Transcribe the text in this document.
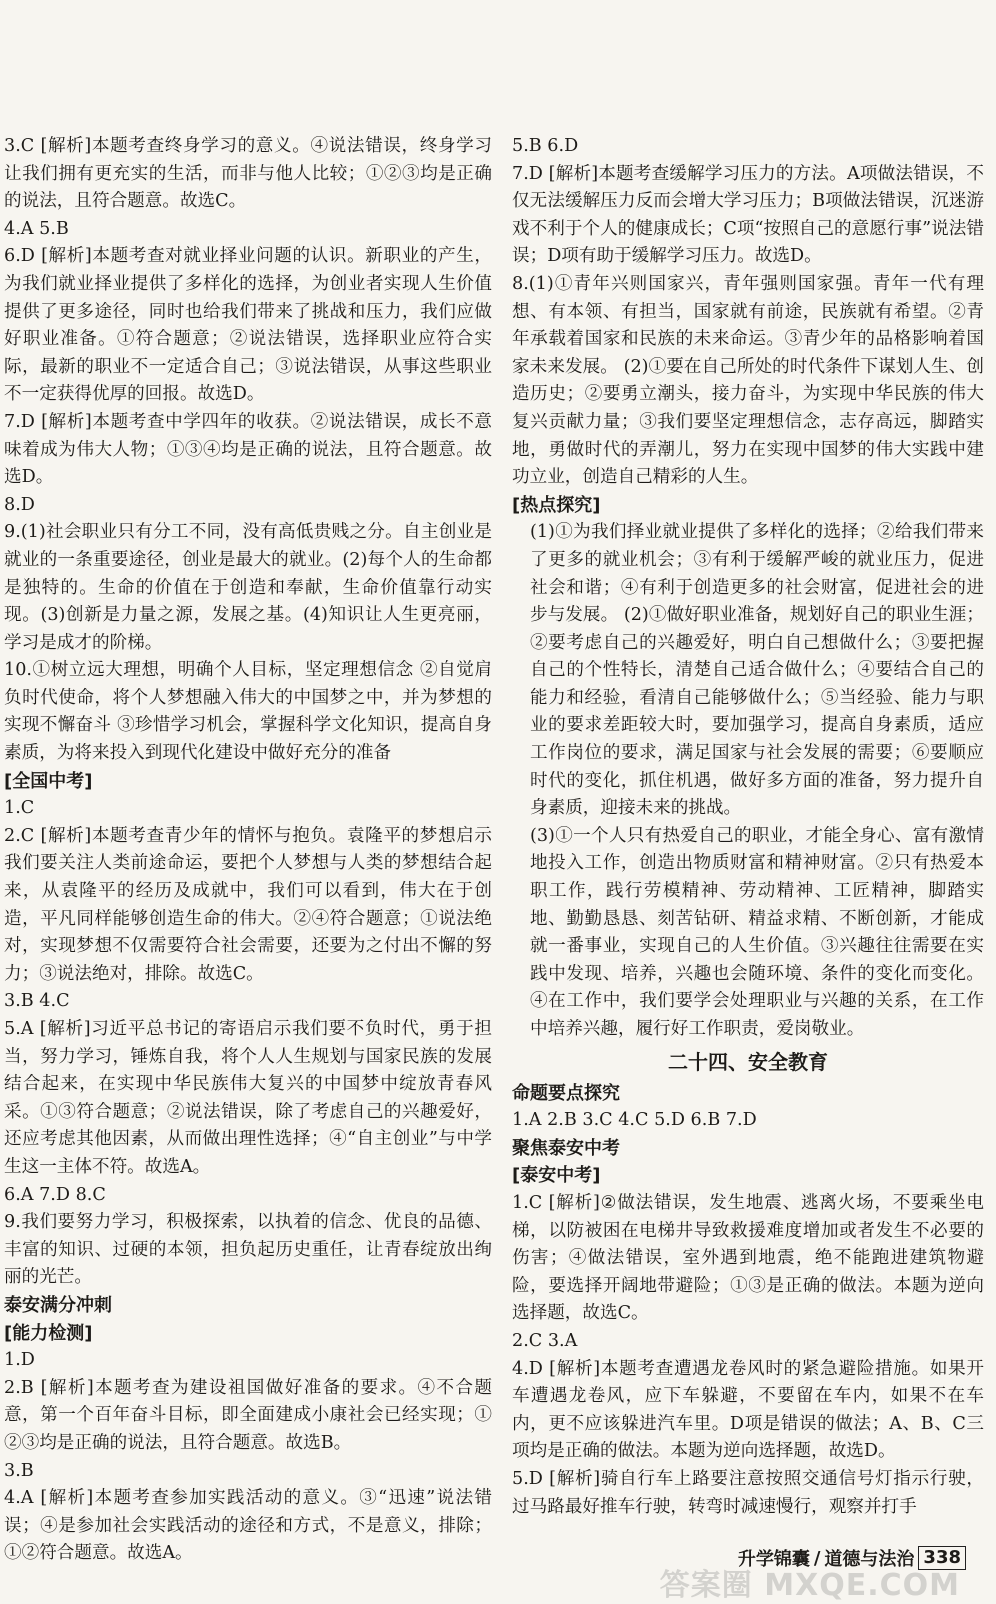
3.C [解析]本题考查终身学习的意义。④说法错误，终身学习让我们拥有更充实的生活，而非与他人比较；①②③均是正确的说法，且符合题意。故选C。

4.A 5.B

6.D [解析]本题考查对就业择业问题的认识。新职业的产生，为我们就业择业提供了多样化的选择，为创业者实现人生价值提供了更多途径，同时也给我们带来了挑战和压力，我们应做好职业准备。①符合题意；②说法错误，选择职业应符合实际，最新的职业不一定适合自己；③说法错误，从事这些职业不一定获得优厚的回报。故选D。

7.D [解析]本题考查中学四年的收获。②说法错误，成长不意味着成为伟大人物；①③④均是正确的说法，且符合题意。故选D。

8.D

9.(1)社会职业只有分工不同，没有高低贵贱之分。自主创业是就业的一条重要途径，创业是最大的就业。(2)每个人的生命都是独特的。生命的价值在于创造和奉献，生命价值靠行动实现。(3)创新是力量之源，发展之基。(4)知识让人生更亮丽，学习是成才的阶梯。

10.①树立远大理想，明确个人目标，坚定理想信念 ②自觉肩负时代使命，将个人梦想融入伟大的中国梦之中，并为梦想的实现不懈奋斗 ③珍惜学习机会，掌握科学文化知识，提高自身素质，为将来投入到现代化建设中做好充分的准备

[全国中考]

1.C

2.C [解析]本题考查青少年的情怀与抱负。袁隆平的梦想启示我们要关注人类前途命运，要把个人梦想与人类的梦想结合起来，从袁隆平的经历及成就中，我们可以看到，伟大在于创造，平凡同样能够创造生命的伟大。②④符合题意；①说法绝对，实现梦想不仅需要符合社会需要，还要为之付出不懈的努力；③说法绝对，排除。故选C。

3.B 4.C

5.A [解析]习近平总书记的寄语启示我们要不负时代，勇于担当，努力学习，锤炼自我，将个人人生规划与国家民族的发展结合起来，在实现中华民族伟大复兴的中国梦中绽放青春风采。①③符合题意；②说法错误，除了考虑自己的兴趣爱好，还应考虑其他因素，从而做出理性选择；④“自主创业”与中学生这一主体不符。故选A。

6.A 7.D 8.C

9.我们要努力学习，积极探索，以执着的信念、优良的品德、丰富的知识、过硬的本领，担负起历史重任，让青春绽放出绚丽的光芒。

泰安满分冲刺

[能力检测]

1.D

2.B [解析]本题考查为建设祖国做好准备的要求。④不合题意，第一个百年奋斗目标，即全面建成小康社会已经实现；①②③均是正确的说法，且符合题意。故选B。

3.B

4.A [解析]本题考查参加实践活动的意义。③“迅速”说法错误；④是参加社会实践活动的途径和方式，不是意义，排除；①②符合题意。故选A。

5.B 6.D

7.D [解析]本题考查缓解学习压力的方法。A项做法错误，不仅无法缓解压力反而会增大学习压力；B项做法错误，沉迷游戏不利于个人的健康成长；C项“按照自己的意愿行事”说法错误；D项有助于缓解学习压力。故选D。

8.(1)①青年兴则国家兴，青年强则国家强。青年一代有理想、有本领、有担当，国家就有前途，民族就有希望。②青年承载着国家和民族的未来命运。③青少年的品格影响着国家未来发展。 (2)①要在自己所处的时代条件下谋划人生、创造历史；②要勇立潮头，接力奋斗，为实现中华民族的伟大复兴贡献力量；③我们要坚定理想信念，志存高远，脚踏实地，勇做时代的弄潮儿，努力在实现中国梦的伟大实践中建功立业，创造自己精彩的人生。

[热点探究]

(1)①为我们择业就业提供了多样化的选择；②给我们带来了更多的就业机会；③有利于缓解严峻的就业压力，促进社会和谐；④有利于创造更多的社会财富，促进社会的进步与发展。 (2)①做好职业准备，规划好自己的职业生涯；②要考虑自己的兴趣爱好，明白自己想做什么；③要把握自己的个性特长，清楚自己适合做什么；④要结合自己的能力和经验，看清自己能够做什么；⑤当经验、能力与职业的要求差距较大时，要加强学习，提高自身素质，适应工作岗位的要求，满足国家与社会发展的需要；⑥要顺应时代的变化，抓住机遇，做好多方面的准备，努力提升自身素质，迎接未来的挑战。

(3)①一个人只有热爱自己的职业，才能全身心、富有激情地投入工作，创造出物质财富和精神财富。②只有热爱本职工作，践行劳模精神、劳动精神、工匠精神，脚踏实地、勤勤恳恳、刻苦钻研、精益求精、不断创新，才能成就一番事业，实现自己的人生价值。③兴趣往往需要在实践中发现、培养，兴趣也会随环境、条件的变化而变化。④在工作中，我们要学会处理职业与兴趣的关系，在工作中培养兴趣，履行好工作职责，爱岗敬业。

二十四、安全教育

命题要点探究

1.A 2.B 3.C 4.C 5.D 6.B 7.D

聚焦泰安中考

[泰安中考]

1.C [解析]②做法错误，发生地震、逃离火场，不要乘坐电梯，以防被困在电梯井导致救援难度增加或者发生不必要的伤害；④做法错误，室外遇到地震，绝不能跑进建筑物避险，要选择开阔地带避险；①③是正确的做法。本题为逆向选择题，故选C。

2.C 3.A

4.D [解析]本题考查遭遇龙卷风时的紧急避险措施。如果开车遭遇龙卷风，应下车躲避，不要留在车内，如果不在车内，更不应该躲进汽车里。D项是错误的做法；A、B、C三项均是正确的做法。本题为逆向选择题，故选D。

5.D [解析]骑自行车上路要注意按照交通信号灯指示行驶，过马路最好推车行驶，转弯时减速慢行，观察并打手

升学锦囊 / 道德与法治 338
答案圈 MXQE.COM
